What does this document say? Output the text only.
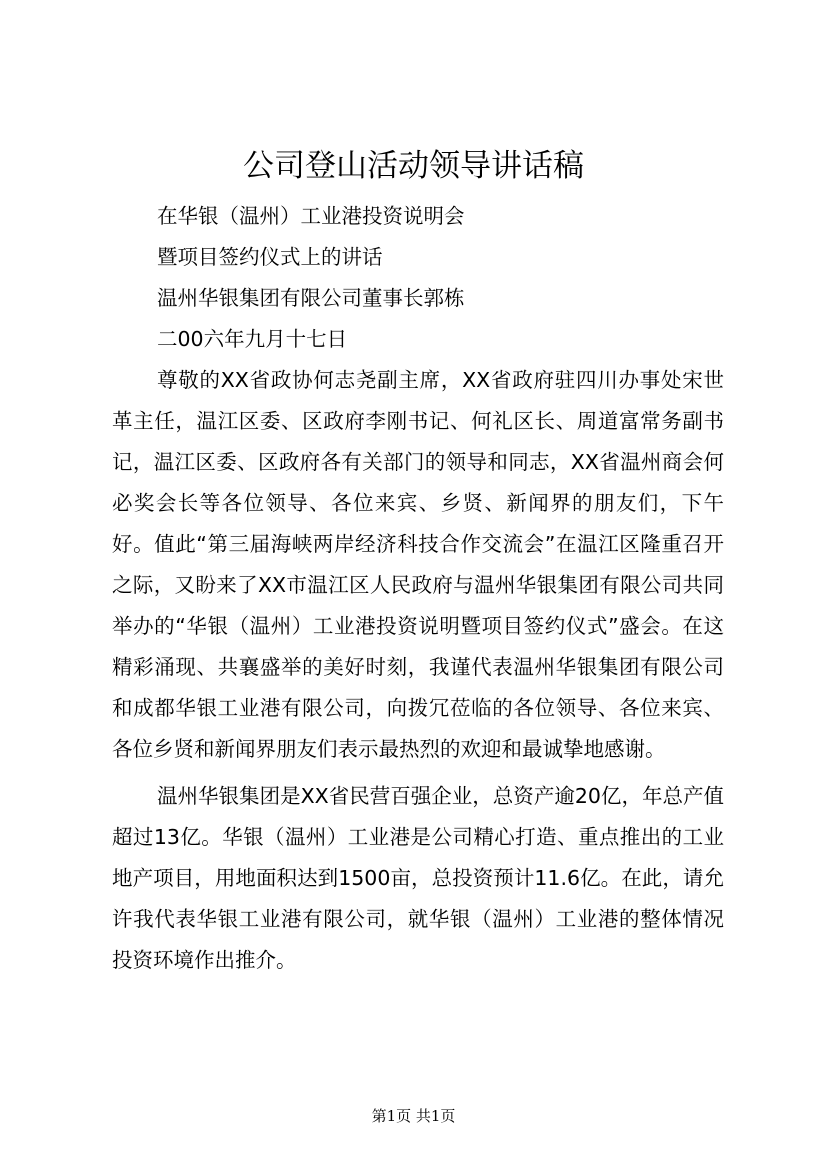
公司登山活动领导讲话稿

在华银（温州）工业港投资说明会

暨项目签约仪式上的讲话

温州华银集团有限公司董事长郭栋

二00六年九月十七日

尊敬的XX省政协何志尧副主席，XX省政府驻四川办事处宋世革主任，温江区委、区政府李刚书记、何礼区长、周道富常务副书记，温江区委、区政府各有关部门的领导和同志，XX省温州商会何必奖会长等各位领导、各位来宾、乡贤、新闻界的朋友们，下午好。值此“第三届海峡两岸经济科技合作交流会”在温江区隆重召开之际，又盼来了XX市温江区人民政府与温州华银集团有限公司共同举办的“华银（温州）工业港投资说明暨项目签约仪式”盛会。在这精彩涌现、共襄盛举的美好时刻，我谨代表温州华银集团有限公司和成都华银工业港有限公司，向拨冗莅临的各位领导、各位来宾、各位乡贤和新闻界朋友们表示最热烈的欢迎和最诚挚地感谢。

温州华银集团是XX省民营百强企业，总资产逾20亿，年总产值超过13亿。华银（温州）工业港是公司精心打造、重点推出的工业地产项目，用地面积达到1500亩，总投资预计11.6亿。在此，请允许我代表华银工业港有限公司，就华银（温州）工业港的整体情况投资环境作出推介。

第1页 共1页
